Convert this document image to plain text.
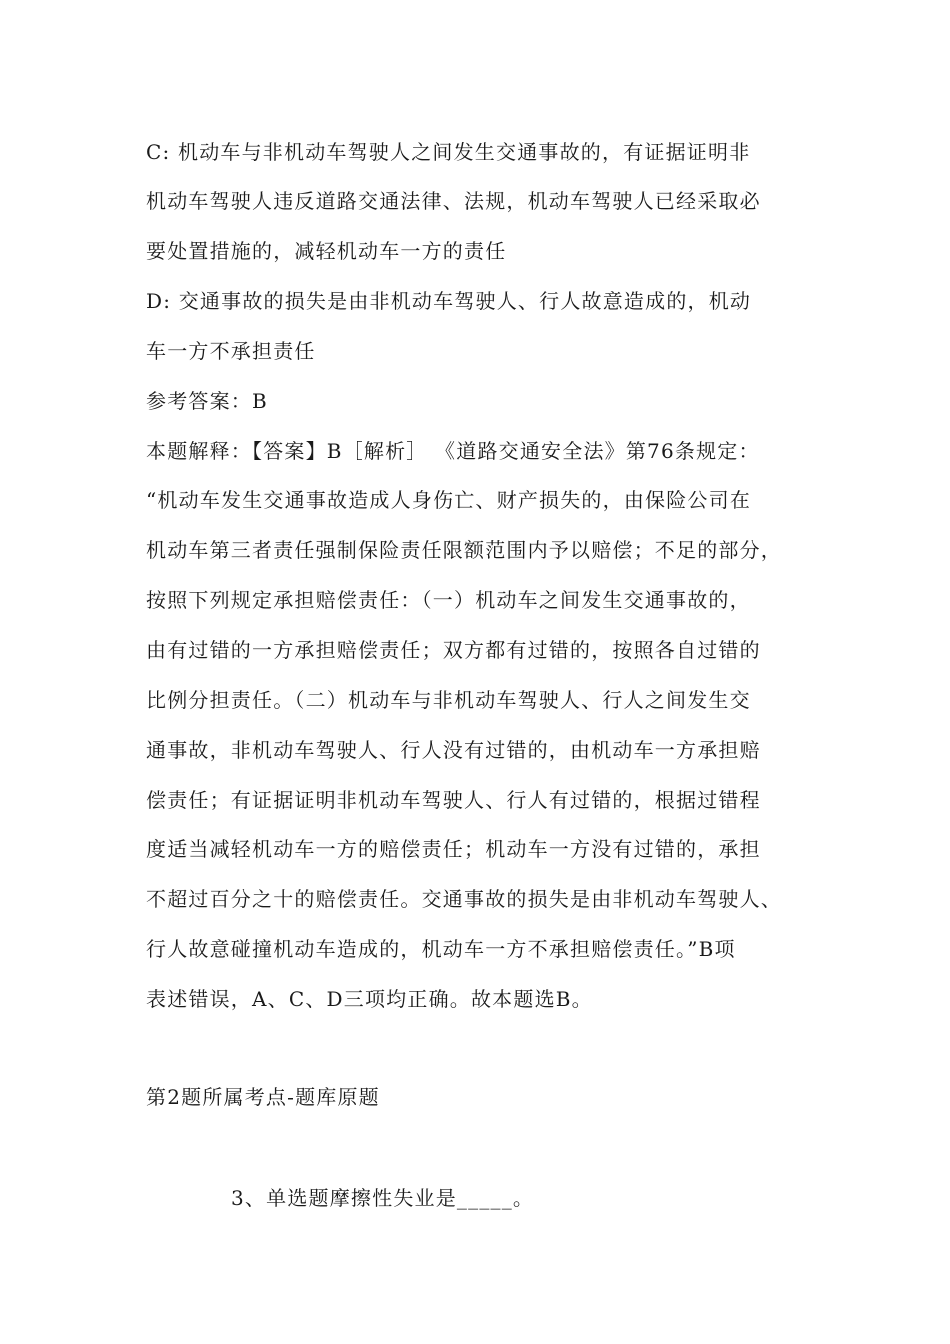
C: 机动车与非机动车驾驶人之间发生交通事故的，有证据证明非
机动车驾驶人违反道路交通法律、法规，机动车驾驶人已经采取必
要处置措施的，减轻机动车一方的责任
D: 交通事故的损失是由非机动车驾驶人、行人故意造成的，机动
车一方不承担责任
参考答案：B
本题解释：【答案】B［解析］ 《道路交通安全法》第76条规定：
“机动车发生交通事故造成人身伤亡、财产损失的，由保险公司在
机动车第三者责任强制保险责任限额范围内予以赔偿；不足的部分，
按照下列规定承担赔偿责任：（一）机动车之间发生交通事故的，
由有过错的一方承担赔偿责任；双方都有过错的，按照各自过错的
比例分担责任。（二）机动车与非机动车驾驶人、行人之间发生交
通事故，非机动车驾驶人、行人没有过错的，由机动车一方承担赔
偿责任；有证据证明非机动车驾驶人、行人有过错的，根据过错程
度适当减轻机动车一方的赔偿责任；机动车一方没有过错的，承担
不超过百分之十的赔偿责任。交通事故的损失是由非机动车驾驶人、
行人故意碰撞机动车造成的，机动车一方不承担赔偿责任。”B项
表述错误，A、C、D三项均正确。故本题选B。
第2题所属考点-题库原题
3、单选题摩擦性失业是_____。
